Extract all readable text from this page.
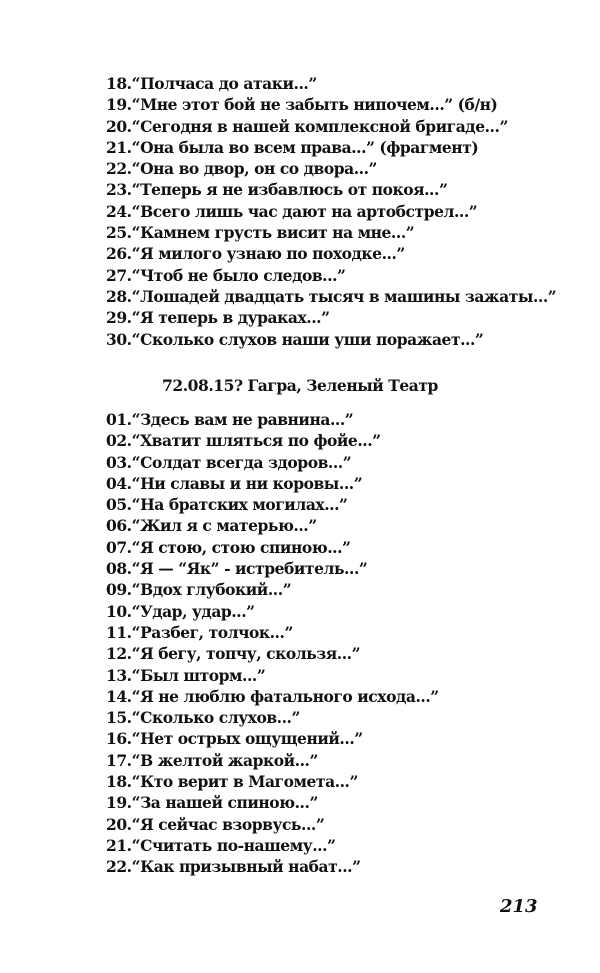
18.“Полчаса до атаки...”
19.“Мне этот бой не забыть нипочем...” (б/н)
20.“Сегодня в нашей комплексной бригаде...”
21.“Она была во всем права...” (фрагмент)
22.“Она во двор, он со двора...”
23.“Теперь я не избавлюсь от покоя...”
24.“Всего лишь час дают на артобстрел...”
25.“Камнем грусть висит на мне...”
26.“Я милого узнаю по походке...”
27.“Чтоб не было следов...”
28.“Лошадей двадцать тысяч в машины зажаты...”
29.“Я теперь в дураках...”
30.“Сколько слухов наши уши поражает...”
72.08.15? Гагра, Зеленый Театр
01.“Здесь вам не равнина...”
02.“Хватит шляться по фойе...”
03.“Солдат всегда здоров...”
04.“Ни славы и ни коровы...”
05.“На братских могилах...”
06.“Жил я с матерью...”
07.“Я стою, стою спиною...”
08.“Я — “Як” - истребитель...”
09.“Вдох глубокий...”
10.“Удар, удар...”
11.“Разбег, толчок...”
12.“Я бегу, топчу, скользя...”
13.“Был шторм...”
14.“Я не люблю фатального исхода...”
15.“Сколько слухов...”
16.“Нет острых ощущений...”
17.“В желтой жаркой...”
18.“Кто верит в Магомета...”
19.“За нашей спиною...”
20.“Я сейчас взорвусь...”
21.“Считать по-нашему...”
22.“Как призывный набат...”
213
